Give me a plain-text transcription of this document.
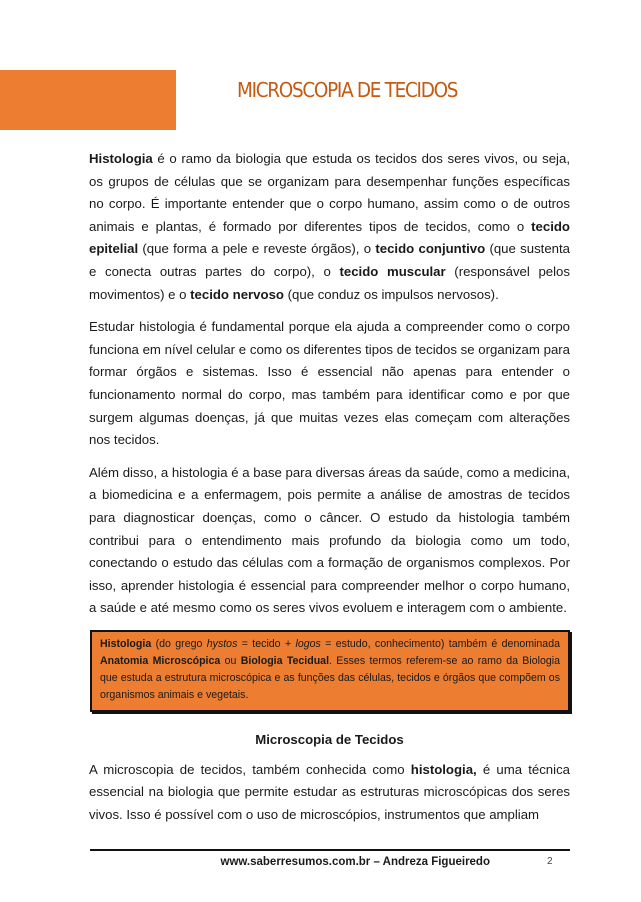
MICROSCOPIA DE TECIDOS

Histologia é o ramo da biologia que estuda os tecidos dos seres vivos, ou seja, os grupos de células que se organizam para desempenhar funções específicas no corpo. É importante entender que o corpo humano, assim como o de outros animais e plantas, é formado por diferentes tipos de tecidos, como o tecido epitelial (que forma a pele e reveste órgãos), o tecido conjuntivo (que sustenta e conecta outras partes do corpo), o tecido muscular (responsável pelos movimentos) e o tecido nervoso (que conduz os impulsos nervosos).

Estudar histologia é fundamental porque ela ajuda a compreender como o corpo funciona em nível celular e como os diferentes tipos de tecidos se organizam para formar órgãos e sistemas. Isso é essencial não apenas para entender o funcionamento normal do corpo, mas também para identificar como e por que surgem algumas doenças, já que muitas vezes elas começam com alterações nos tecidos.

Além disso, a histologia é a base para diversas áreas da saúde, como a medicina, a biomedicina e a enfermagem, pois permite a análise de amostras de tecidos para diagnosticar doenças, como o câncer. O estudo da histologia também contribui para o entendimento mais profundo da biologia como um todo, conectando o estudo das células com a formação de organismos complexos. Por isso, aprender histologia é essencial para compreender melhor o corpo humano, a saúde e até mesmo como os seres vivos evoluem e interagem com o ambiente.

Histologia (do grego hystos = tecido + logos = estudo, conhecimento) também é denominada Anatomia Microscópica ou Biologia Tecidual. Esses termos referem-se ao ramo da Biologia que estuda a estrutura microscópica e as funções das células, tecidos e órgãos que compõem os organismos animais e vegetais.
Microscopia de Tecidos

A microscopia de tecidos, também conhecida como histologia, é uma técnica essencial na biologia que permite estudar as estruturas microscópicas dos seres vivos. Isso é possível com o uso de microscópios, instrumentos que ampliam

www.saberresumos.com.br – Andreza Figueiredo	2
